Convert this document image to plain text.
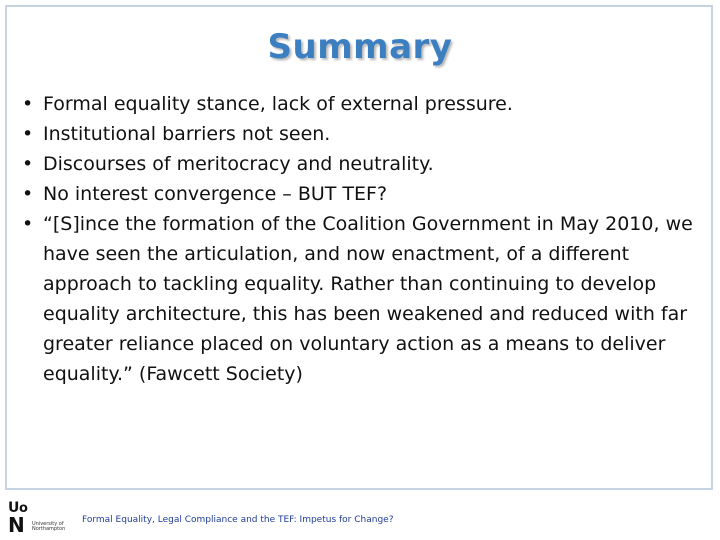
Summary
• Formal equality stance, lack of external pressure.
• Institutional barriers not seen.
• Discourses of meritocracy and neutrality.
• No interest convergence – BUT TEF?
• “[S]ince the formation of the Coalition Government in May 2010, we have seen the articulation, and now enactment, of a different approach to tackling equality. Rather than continuing to develop equality architecture, this has been weakened and reduced with far greater reliance placed on voluntary action as a means to deliver equality.” (Fawcett Society)
U o
N University of
Northampton
Formal Equality, Legal Compliance and the TEF: Impetus for Change?
